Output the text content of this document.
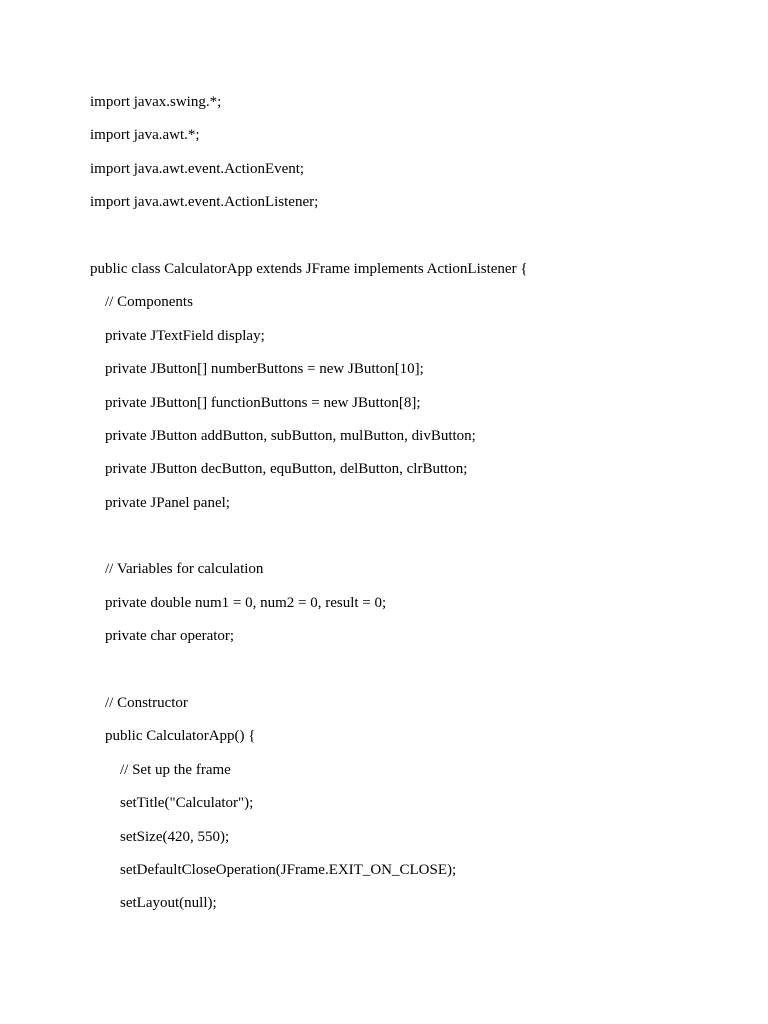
import javax.swing.*;
import java.awt.*;
import java.awt.event.ActionEvent;
import java.awt.event.ActionListener;
public class CalculatorApp extends JFrame implements ActionListener {
// Components
private JTextField display;
private JButton[] numberButtons = new JButton[10];
private JButton[] functionButtons = new JButton[8];
private JButton addButton, subButton, mulButton, divButton;
private JButton decButton, equButton, delButton, clrButton;
private JPanel panel;
// Variables for calculation
private double num1 = 0, num2 = 0, result = 0;
private char operator;
// Constructor
public CalculatorApp() {
// Set up the frame
setTitle("Calculator");
setSize(420, 550);
setDefaultCloseOperation(JFrame.EXIT_ON_CLOSE);
setLayout(null);
